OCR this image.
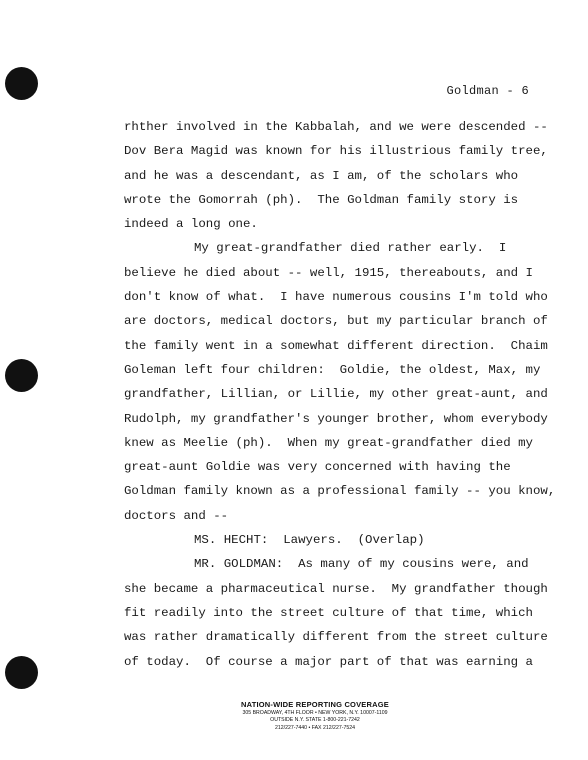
Goldman - 6
rhther involved in the Kabbalah, and we were descended --
Dov Bera Magid was known for his illustrious family tree,
and he was a descendant, as I am, of the scholars who
wrote the Gomorrah (ph).  The Goldman family story is
indeed a long one.
My great-grandfather died rather early.  I
believe he died about -- well, 1915, thereabouts, and I
don't know of what.  I have numerous cousins I'm told who
are doctors, medical doctors, but my particular branch of
the family went in a somewhat different direction.  Chaim
Goleman left four children:  Goldie, the oldest, Max, my
grandfather, Lillian, or Lillie, my other great-aunt, and
Rudolph, my grandfather's younger brother, whom everybody
knew as Meelie (ph).  When my great-grandfather died my
great-aunt Goldie was very concerned with having the
Goldman family known as a professional family -- you know,
doctors and --
MS. HECHT:  Lawyers.  (Overlap)
MR. GOLDMAN:  As many of my cousins were, and
she became a pharmaceutical nurse.  My grandfather though
fit readily into the street culture of that time, which
was rather dramatically different from the street culture
of today.  Of course a major part of that was earning a
NATION-WIDE REPORTING COVERAGE
305 BROADWAY, 4TH FLOOR • NEW YORK, N.Y. 10007-1109
OUTSIDE N.Y. STATE 1-800-221-7242
212/227-7440 • FAX 212/227-7524
